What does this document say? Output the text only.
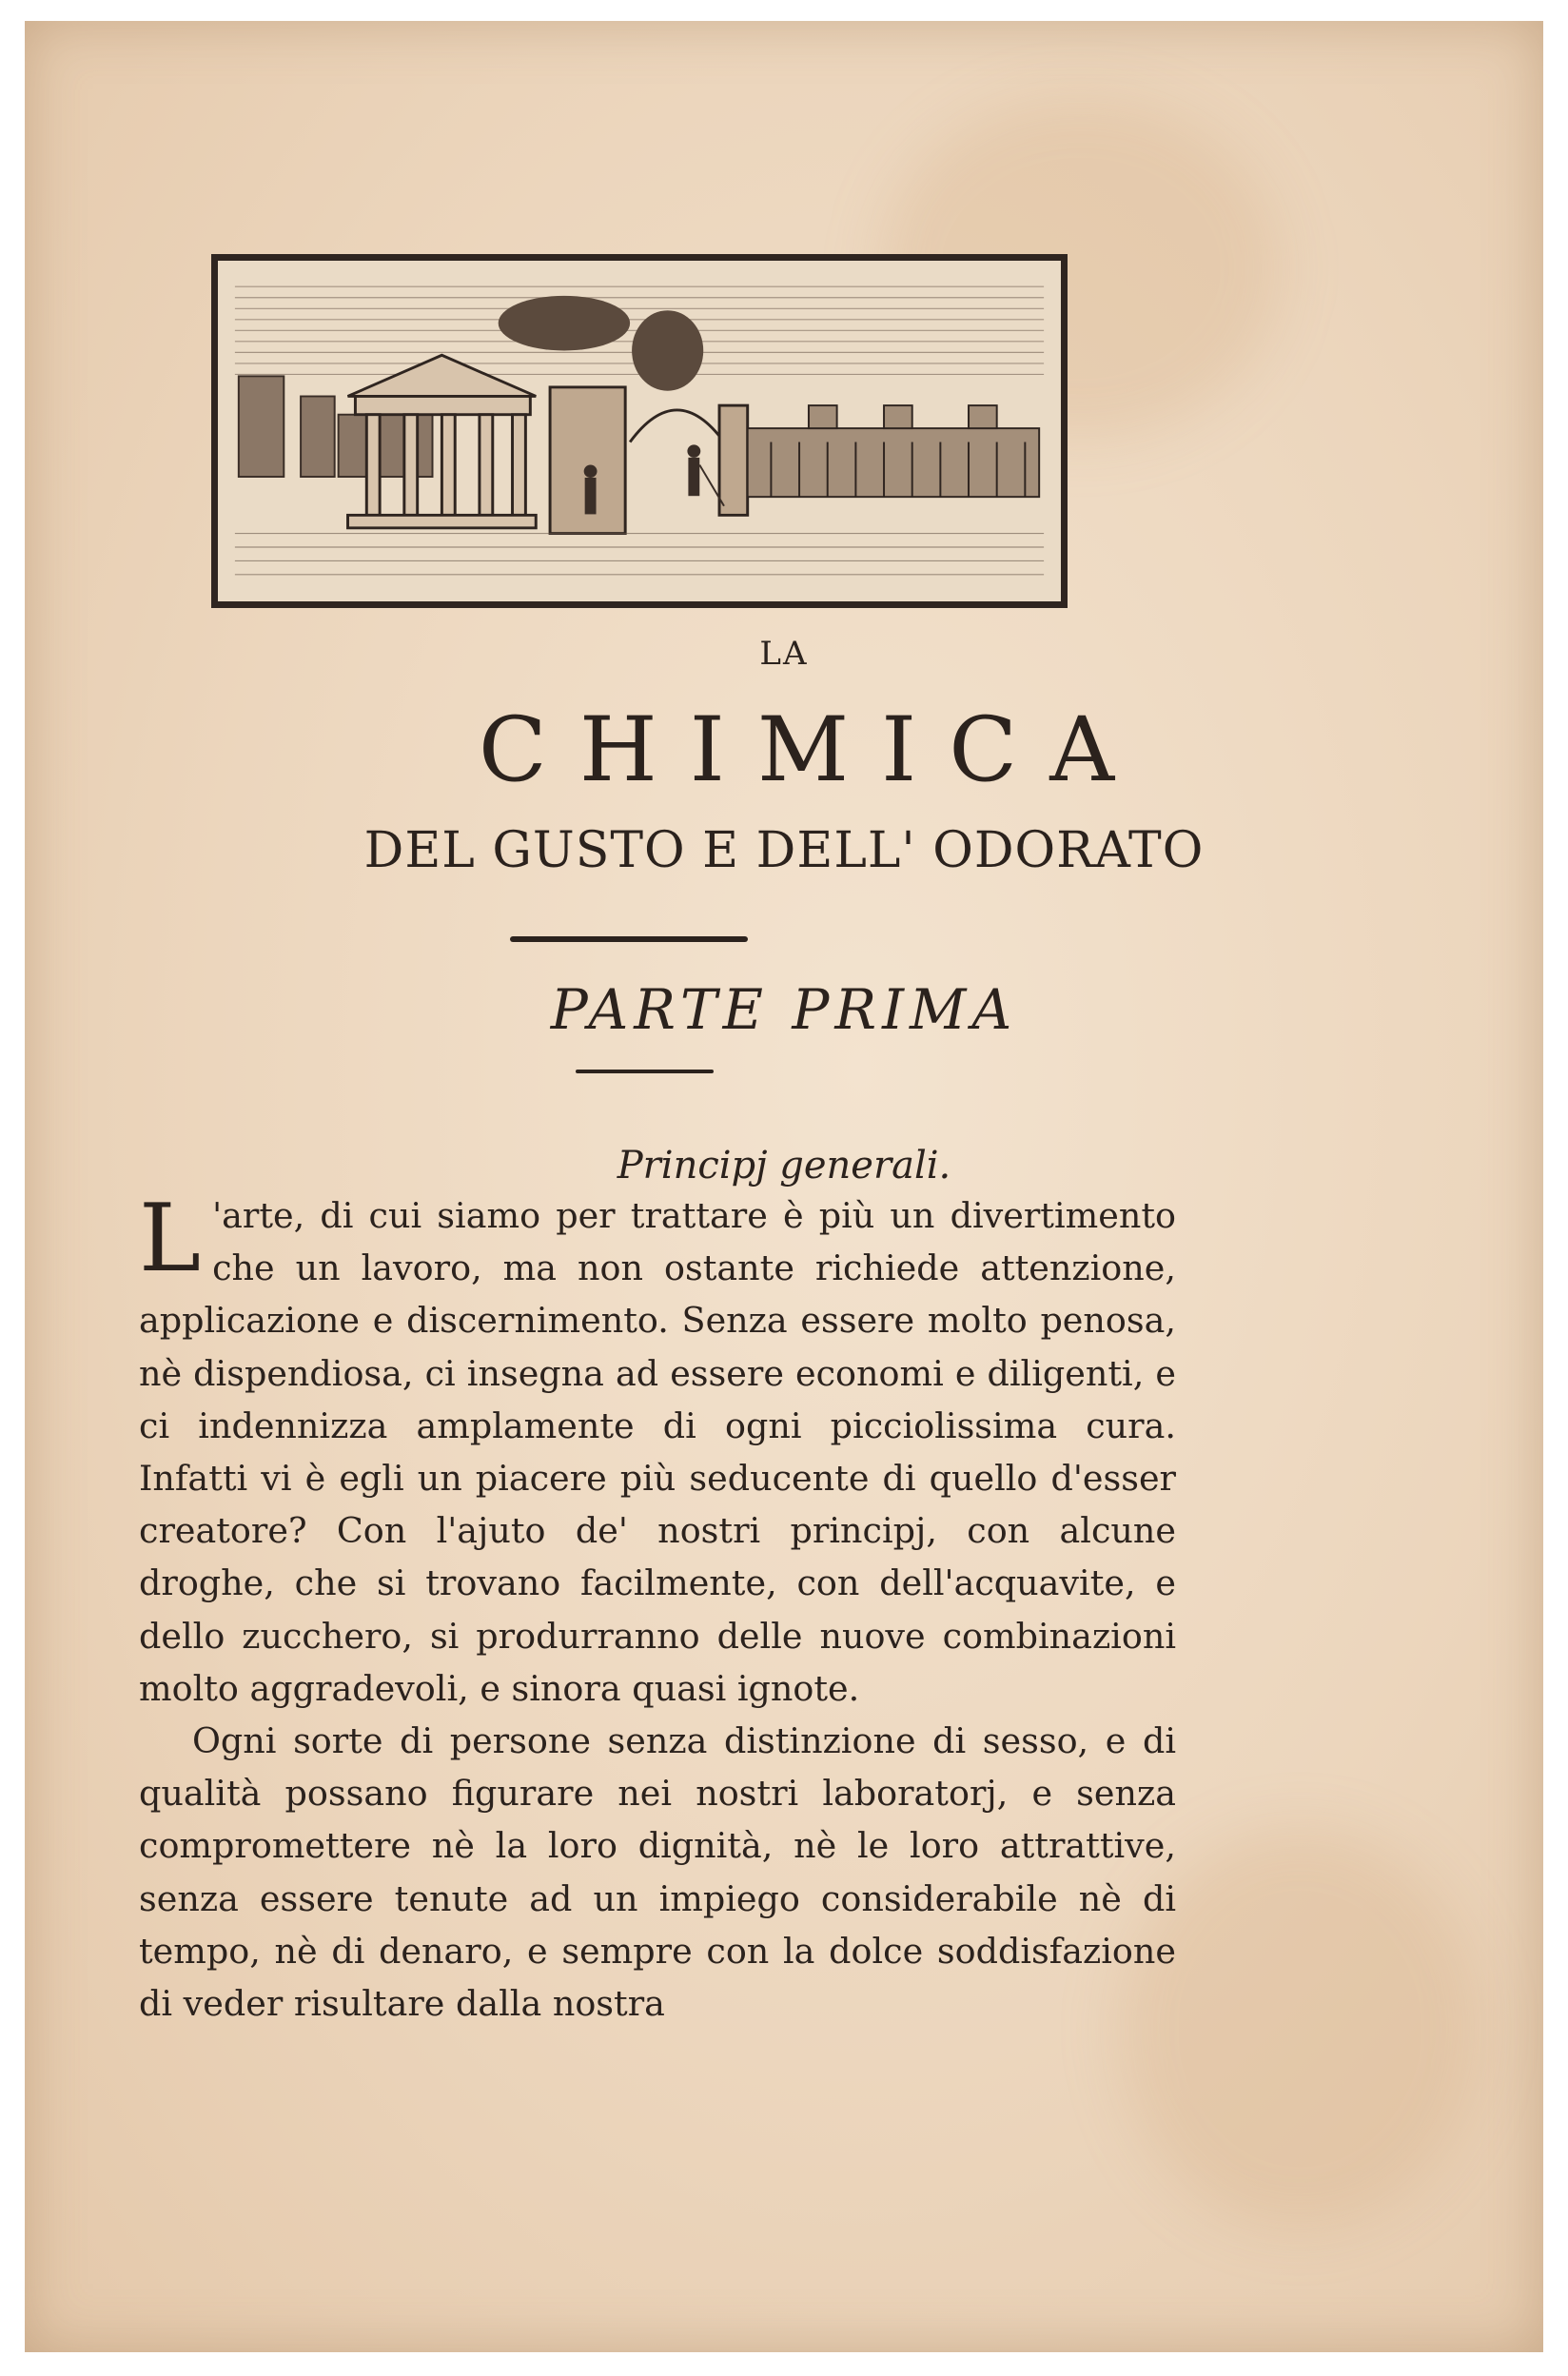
LA
CHIMICA
DEL GUSTO E DELL' ODORATO
PARTE PRIMA
Principj generali.

L 'arte, di cui siamo per trattare è più un divertimento che un lavoro, ma non ostante richiede attenzione, applicazione e discernimento. Senza essere molto penosa, nè dispendiosa, ci insegna ad essere economi e diligenti, e ci indennizza amplamente di ogni picciolissima cura. Infatti vi è egli un piacere più seducente di quello d'esser creatore? Con l'ajuto de' nostri principj, con alcune droghe, che si trovano facilmente, con dell'acquavite, e dello zucchero, si produrranno delle nuove combinazioni molto aggradevoli, e sinora quasi ignote.

Ogni sorte di persone senza distinzione di sesso, e di qualità possano figurare nei nostri laboratorj, e senza compromettere nè la loro dignità, nè le loro attrattive, senza essere tenute ad un impiego considerabile nè di tempo, nè di denaro, e sempre con la dolce soddisfazione di veder risultare dalla nostra
